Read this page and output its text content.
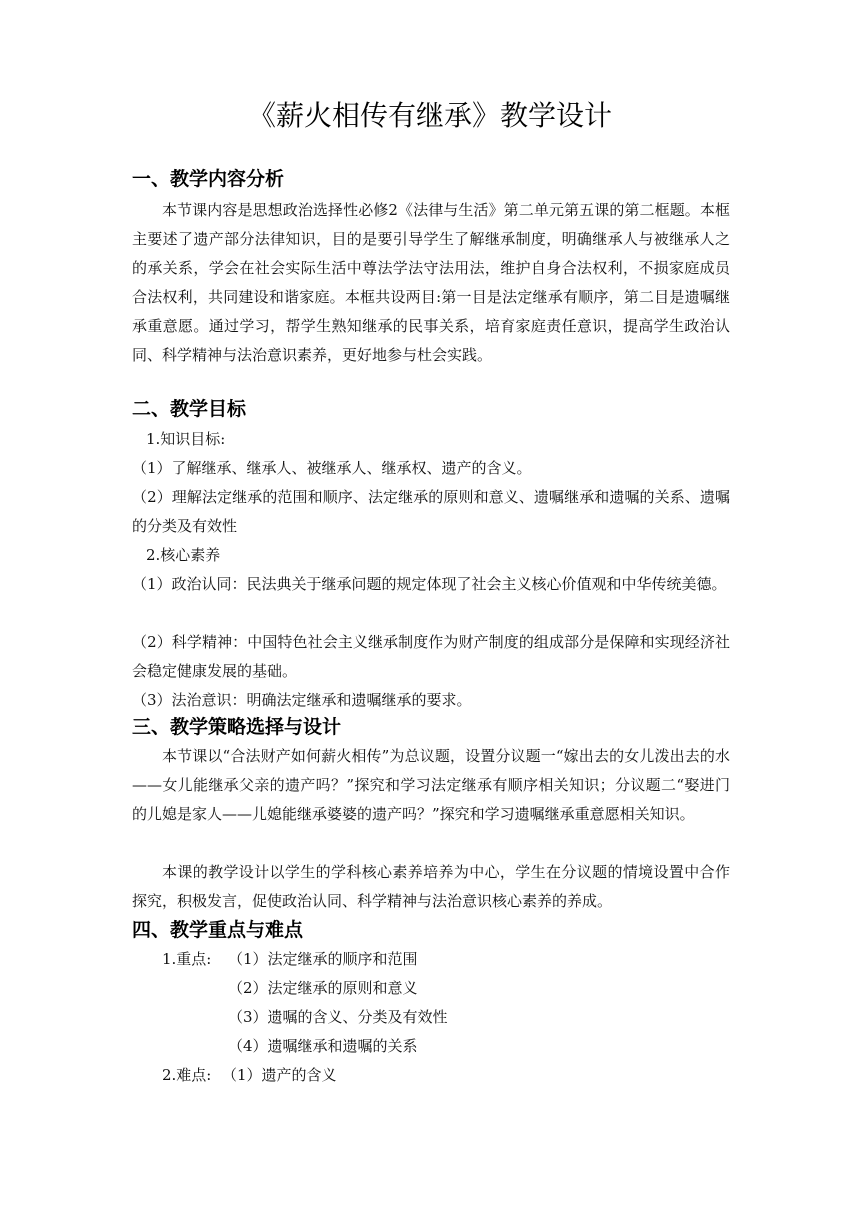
《薪火相传有继承》教学设计
一、教学内容分析

本节课内容是思想政治选择性必修2《法律与生活》第二单元第五课的第二框题。本框主要述了遗产部分法律知识，目的是要引导学生了解继承制度，明确继承人与被继承人之的承关系，学会在社会实际生活中尊法学法守法用法，维护自身合法权利，不损家庭成员合法权利，共同建设和谐家庭。本框共设两目:第一目是法定继承有顺序，第二目是遗嘱继承重意愿。通过学习，帮学生熟知继承的民事关系，培育家庭责任意识，提高学生政治认同、科学精神与法治意识素养，更好地参与杜会实践。

二、教学目标
1.知识目标:
（1）了解继承、继承人、被继承人、继承权、遗产的含义。

（2）理解法定继承的范围和顺序、法定继承的原则和意义、遗嘱继承和遗嘱的关系、遗嘱的分类及有效性

2.核心素养

（1）政治认同：民法典关于继承问题的规定体现了社会主义核心价值观和中华传统美德。

（2）科学精神：中国特色社会主义继承制度作为财产制度的组成部分是保障和实现经济社会稳定健康发展的基础。

（3）法治意识：明确法定继承和遗嘱继承的要求。
三、教学策略选择与设计

本节课以“合法财产如何薪火相传”为总议题，设置分议题一“嫁出去的女儿泼出去的水——女儿能继承父亲的遗产吗？”探究和学习法定继承有顺序相关知识；分议题二“娶进门的儿媳是家人——儿媳能继承婆婆的遗产吗？”探究和学习遗嘱继承重意愿相关知识。

本课的教学设计以学生的学科核心素养培养为中心，学生在分议题的情境设置中合作探究，积极发言，促使政治认同、科学精神与法治意识核心素养的养成。

四、教学重点与难点
1.重点: （1）法定继承的顺序和范围
（2）法定继承的原则和意义
（3）遗嘱的含义、分类及有效性
（4）遗嘱继承和遗嘱的关系
2.难点: （1）遗产的含义
